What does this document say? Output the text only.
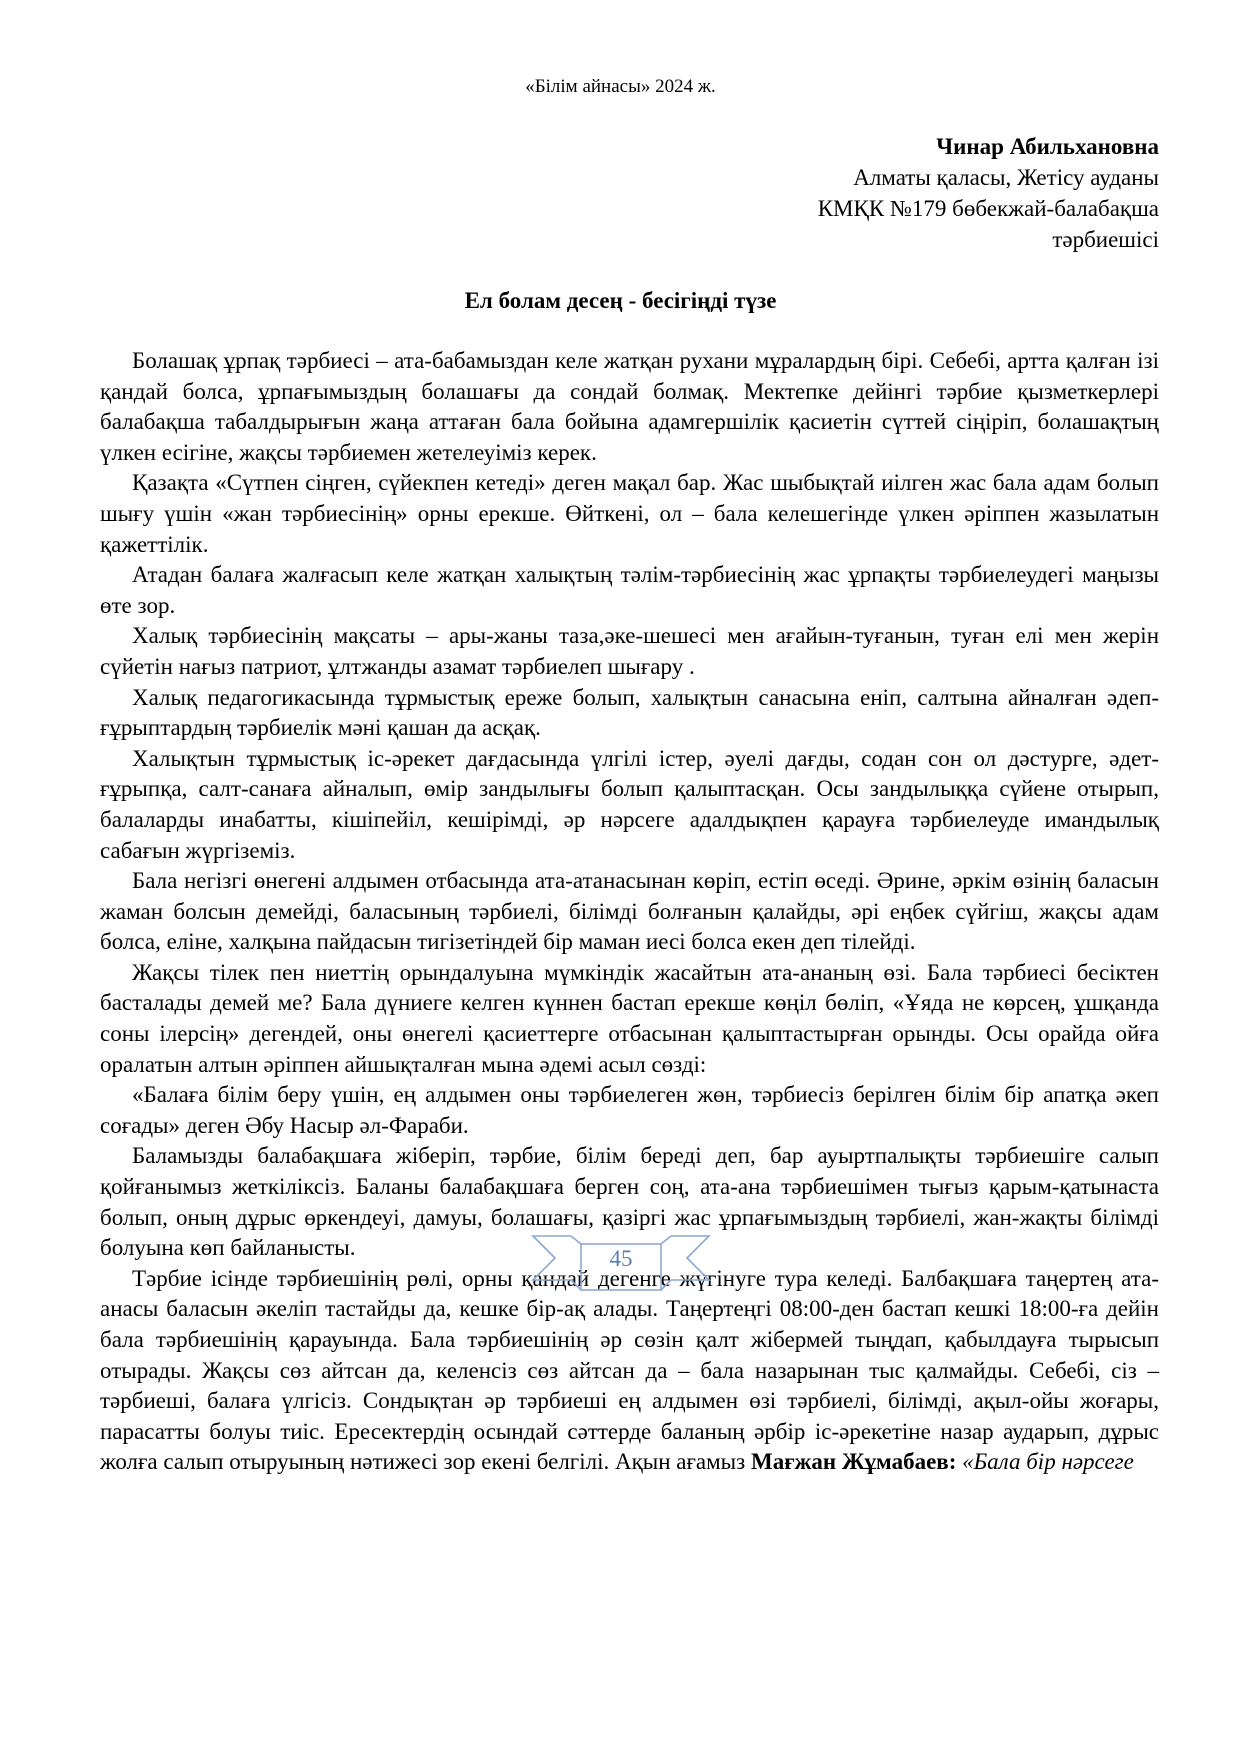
«Білім айнасы» 2024 ж.
Чинар Абильхановна
Алматы қаласы, Жетісу ауданы
КМҚК №179 бөбекжай-балабақша
тәрбиешісі
Ел болам десең - бесігіңді түзе

Болашақ ұрпақ тәрбиесі – ата-бабамыздан келе жатқан рухани мұралардың бірі. Себебі, артта қалған ізі қандай болса, ұрпағымыздың болашағы да сондай болмақ. Мектепке дейінгі тәрбие қызметкерлері балабақша табалдырығын жаңа аттаған бала бойына адамгершілік қасиетін сүттей сіңіріп, болашақтың үлкен есігіне, жақсы тәрбиемен жетелеуіміз керек.

Қазақта «Сүтпен сіңген, сүйекпен кетеді» деген мақал бар. Жас шыбықтай иілген жас бала адам болып шығу үшін «жан тәрбиесінің» орны ерекше. Өйткені, ол – бала келешегінде үлкен әріппен жазылатын қажеттілік.

Атадан балаға жалғасып келе жатқан халықтың тәлім-тәрбиесінің жас ұрпақты тәрбиелеудегі маңызы өте зор.

Халық тәрбиесінің мақсаты – ары-жаны таза,әке-шешесі мен ағайын-туғанын, туған елі мен жерін сүйетін нағыз патриот, ұлтжанды азамат тәрбиелеп шығару .

Халық педагогикасында тұрмыстық ереже болып, халықтын санасына еніп, салтына айналған әдеп-ғұрыптардың тәрбиелік мәні қашан да асқақ.

Халықтын тұрмыстық іс-әрекет дағдасында үлгілі істер, әуелі дағды, содан сон ол дәстурге, әдет-ғұрыпқа, салт-санаға айналып, өмір зандылығы болып қалыптасқан. Осы зандылыққа сүйене отырып, балаларды инабатты, кішіпейіл, кешірімді, әр нәрсеге адалдықпен қарауға тәрбиелеуде имандылық сабағын жүргіземіз.

Бала негізгі өнегені алдымен отбасында ата-атанасынан көріп, естіп өседі. Әрине, әркім өзінің баласын жаман болсын демейді, баласының тәрбиелі, білімді болғанын қалайды, әрі еңбек сүйгіш, жақсы адам болса, еліне, халқына пайдасын тигізетіндей бір маман иесі болса екен деп тілейді.

Жақсы тілек пен ниеттің орындалуына мүмкіндік жасайтын ата-ананың өзі. Бала тәрбиесі бесіктен басталады демей ме? Бала дүниеге келген күннен бастап ерекше көңіл бөліп, «Ұяда не көрсең, ұшқанда соны ілерсің» дегендей, оны өнегелі қасиеттерге отбасынан қалыптастырған орынды. Осы орайда ойға оралатын алтын әріппен айшықталған мына әдемі асыл сөзді:

«Балаға білім беру үшін, ең алдымен оны тәрбиелеген жөн, тәрбиесіз берілген білім бір апатқа әкеп соғады» деген Әбу Насыр әл-Фараби.

Баламызды балабақшаға жіберіп, тәрбие, білім береді деп, бар ауыртпалықты тәрбиешіге салып қойғанымыз жеткіліксіз. Баланы балабақшаға берген соң, ата-ана тәрбиешімен тығыз қарым-қатынаста болып, оның дұрыс өркендеуі, дамуы, болашағы, қазіргі жас ұрпағымыздың тәрбиелі, жан-жақты білімді болуына көп байланысты.

Тәрбие ісінде тәрбиешінің рөлі, орны қандай дегенге жүгінуге тура келеді. Балбақшаға таңертең ата-анасы баласын әкеліп тастайды да, кешке бір-ақ алады. Таңертеңгі 08:00-ден бастап кешкі 18:00-ға дейін бала тәрбиешінің қарауында. Бала тәрбиешінің әр сөзін қалт жібермей тыңдап, қабылдауға тырысып отырады. Жақсы сөз айтсан да, келенсіз сөз айтсан да – бала назарынан тыс қалмайды. Себебі, сіз – тәрбиеші, балаға үлгісіз. Сондықтан әр тәрбиеші ең алдымен өзі тәрбиелі, білімді, ақыл-ойы жоғары, парасатты болуы тиіс. Ересектердің осындай сәттерде баланың әрбір іс-әрекетіне назар аударып, дұрыс жолға салып отыруының нәтижесі зор екені белгілі. Ақын ағамыз Мағжан Жұмабаев: «Бала бір нәрсеге

45
